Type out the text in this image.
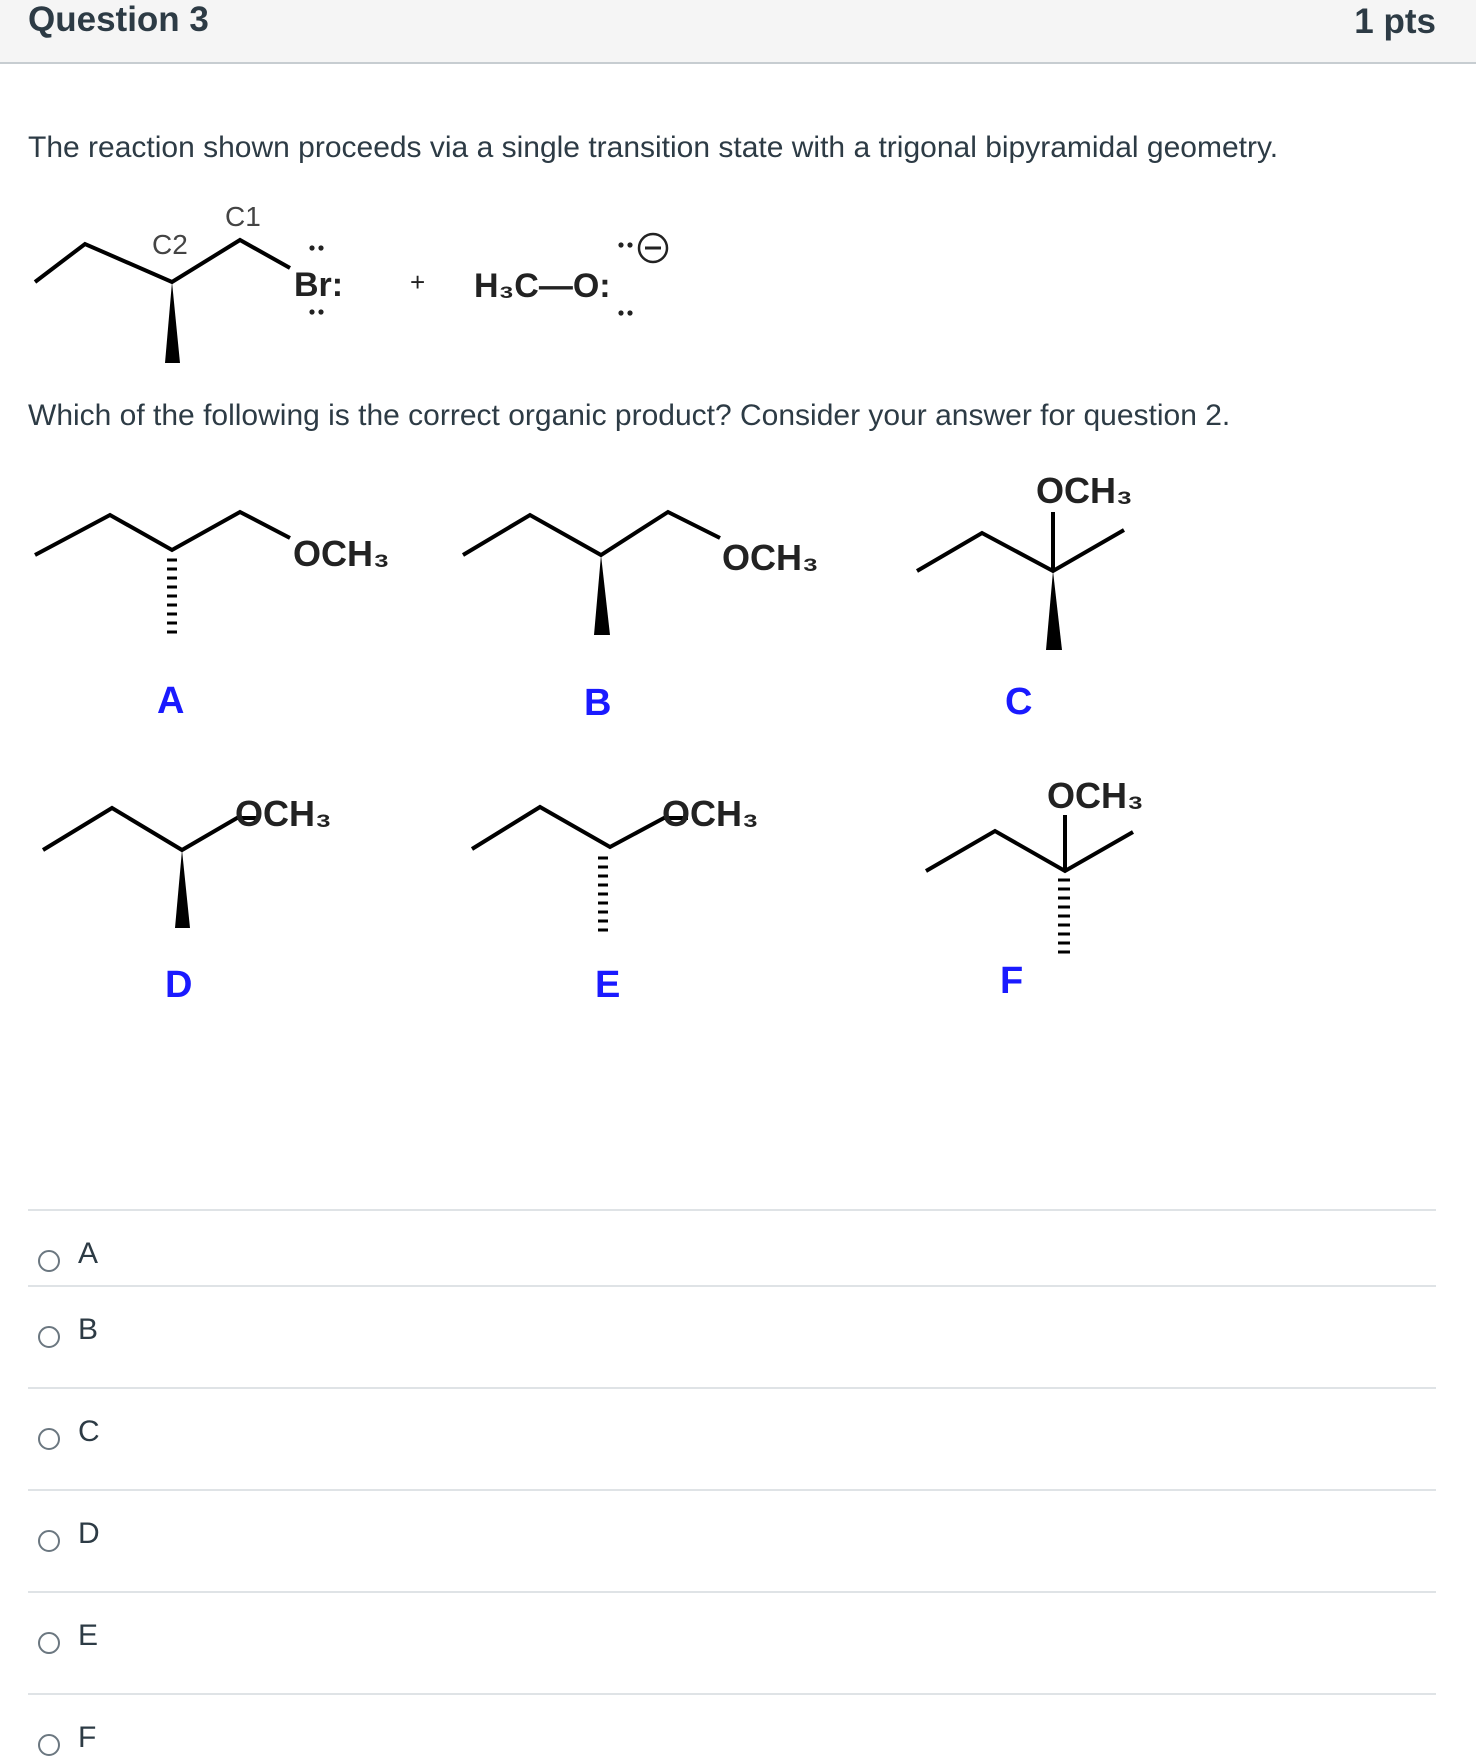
Question 3	1 pts
The reaction shown proceeds via a single transition state with a trigonal bipyramidal geometry.
C2
C1
Br:	+ H₃C—O:
OCH₃
A
OCH₃
B
OCH₃
C
OCH₃
D
OCH₃
E
OCH₃
F
Which of the following is the correct organic product? Consider your answer for question 2.
A
B
C
D
E
F
